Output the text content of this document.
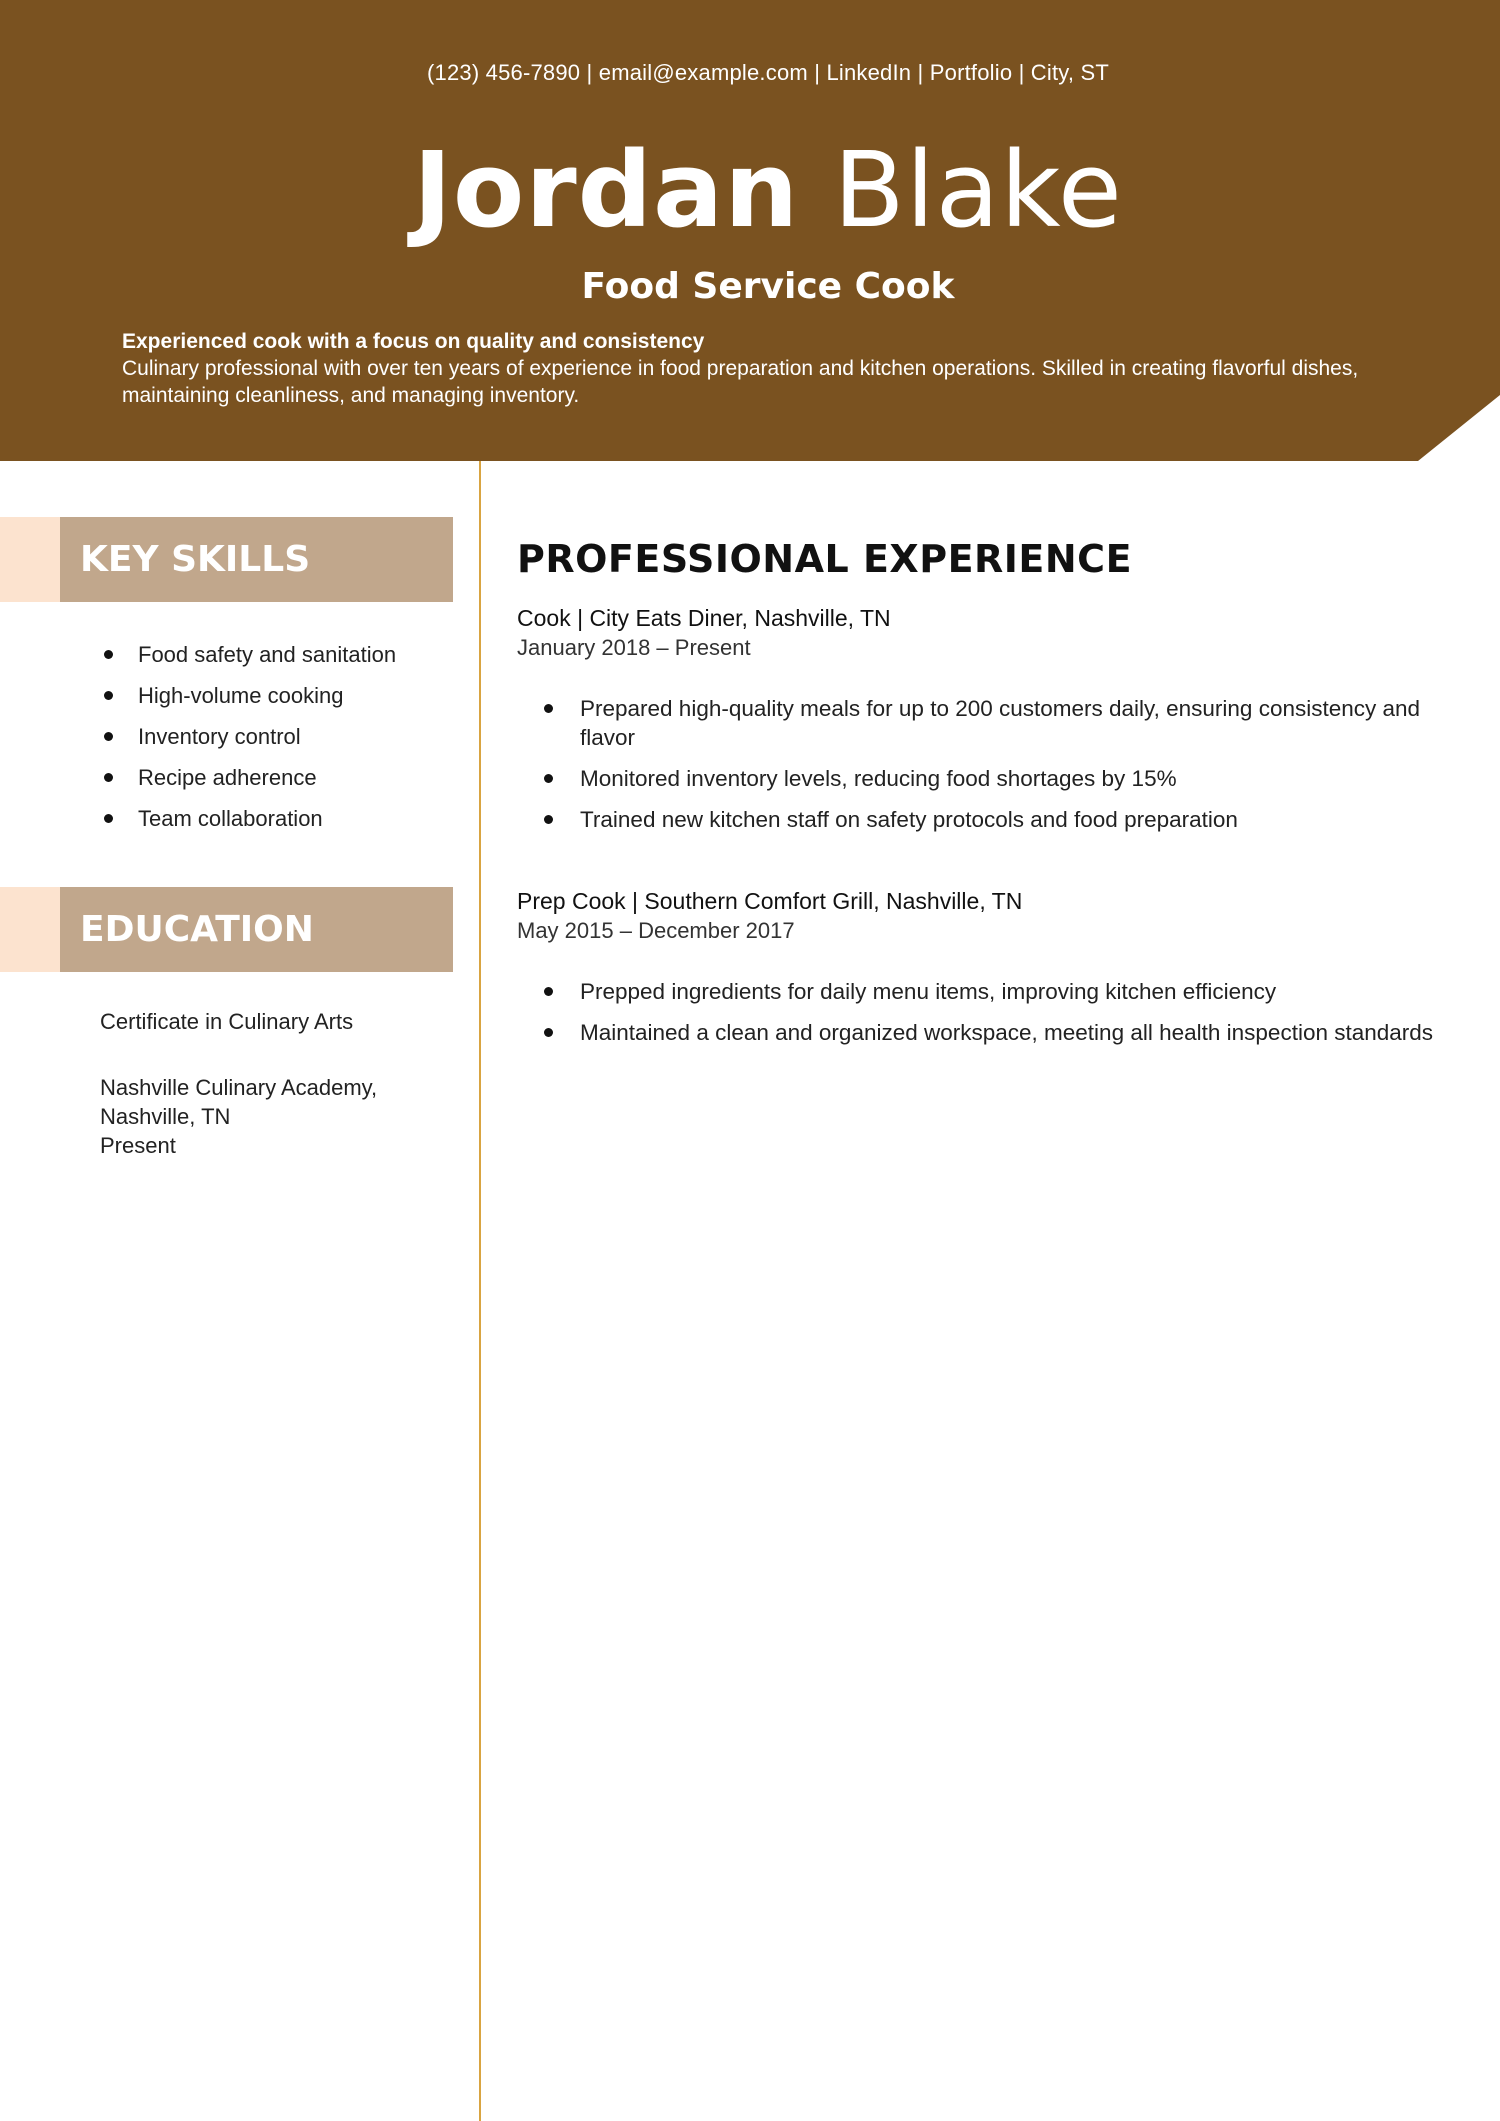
(123) 456-7890 | email@example.com | LinkedIn | Portfolio | City, ST
Jordan Blake
Food Service Cook
Experienced cook with a focus on quality and consistency
Culinary professional with over ten years of experience in food preparation and kitchen operations. Skilled in creating flavorful dishes, maintaining cleanliness, and managing inventory.
KEY SKILLS
Food safety and sanitation
High-volume cooking
Inventory control
Recipe adherence
Team collaboration
EDUCATION
Certificate in Culinary Arts
Nashville Culinary Academy,
Nashville, TN
Present
PROFESSIONAL EXPERIENCE
Cook | City Eats Diner, Nashville, TN
January 2018 – Present
Prepared high-quality meals for up to 200 customers daily, ensuring consistency and flavor
Monitored inventory levels, reducing food shortages by 15%
Trained new kitchen staff on safety protocols and food preparation
Prep Cook | Southern Comfort Grill, Nashville, TN
May 2015 – December 2017
Prepped ingredients for daily menu items, improving kitchen efficiency
Maintained a clean and organized workspace, meeting all health inspection standards
